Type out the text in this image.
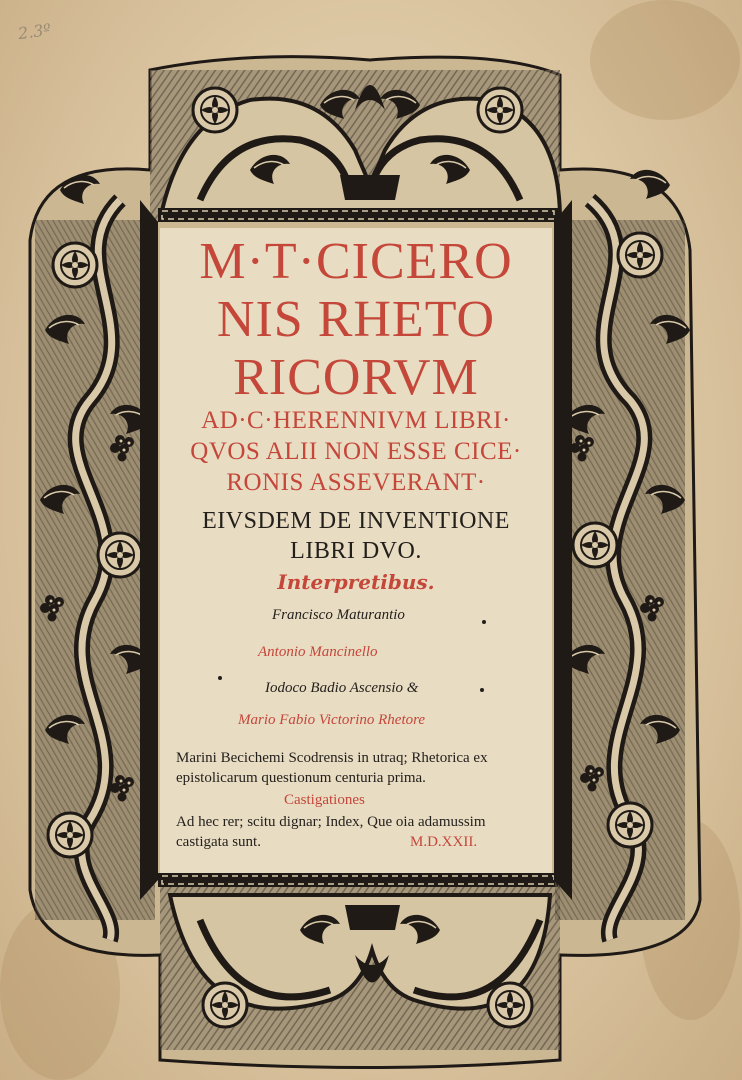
2.3º
M·T·CICERO
NIS RHETO
RICORVM
AD·C·HERENNIVM LIBRI·
QVOS ALII NON ESSE CICE·
RONIS ASSEVERANT·
EIVSDEM DE INVENTIONE
LIBRI DVO.
Interpretibus.
Francisco Maturantio
Antonio Mancinello
Iodoco Badio Ascensio &
Mario Fabio Victorino Rhetore
Marini Becichemi Scodrensis in utraq; Rhetorica ex
epistolicarum questionum centuria prima.
Castigationes
Ad hec rer; scitu dignar; Index, Que oia adamussim
castigata sunt.	M.D.XXII.
